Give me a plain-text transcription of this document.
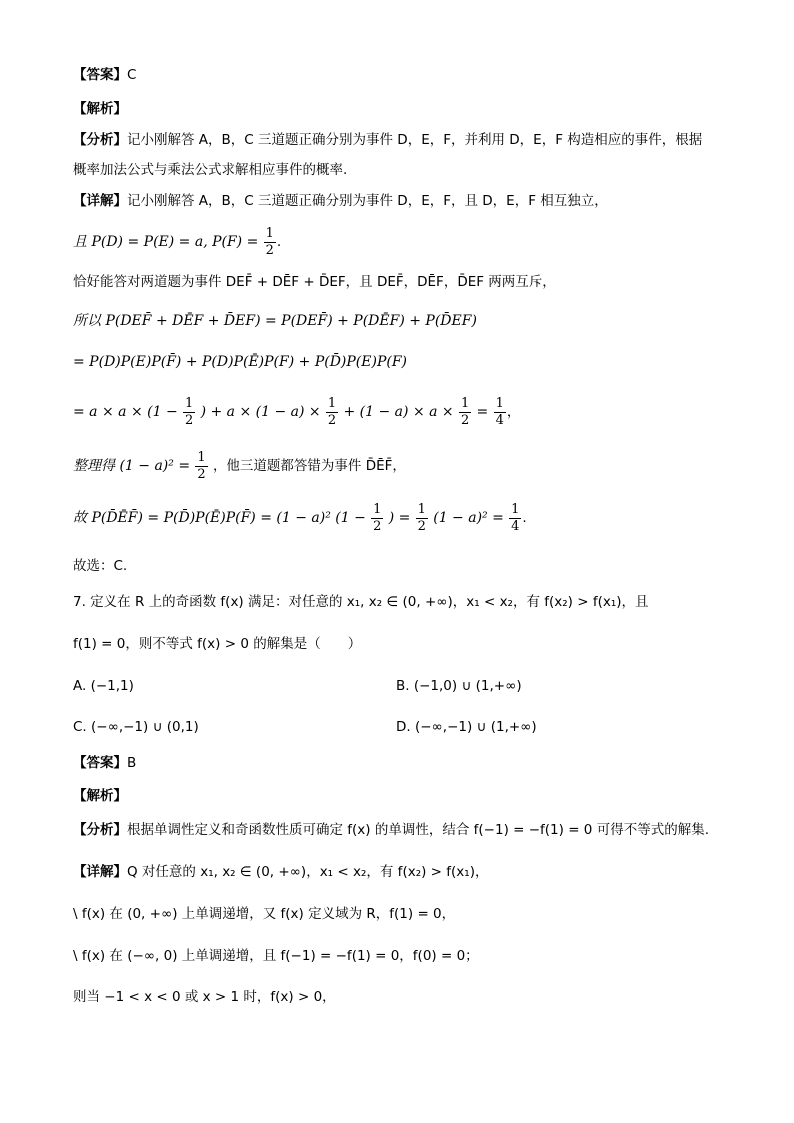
【答案】C
【解析】
【分析】记小刚解答 A，B，C 三道题正确分别为事件 D，E，F，并利用 D，E，F 构造相应的事件，根据
概率加法公式与乘法公式求解相应事件的概率.
【详解】记小刚解答 A，B，C 三道题正确分别为事件 D，E，F，且 D，E，F 相互独立，
且 P(D) = P(E) = a, $P(F) = \frac{1}{2}$ .
恰好能答对两道题为事件 DEF̄ + DĒF + D̄EF，且 DEF̄，DĒF，D̄EF 两两互斥，
所以 P(DEF̄ + DĒF + D̄EF) = P(DEF̄) + P(DĒF) + P(D̄EF)
= P(D)P(E)P(F̄) + P(D)P(Ē)P(F) + P(D̄)P(E)P(F)
= $a \times a \times (1 - \frac{1}{2}$ ) + $a \times (1 - a) \times \frac{1}{2} + (1 - a) \times a \times \frac{1}{2} = \frac{1}{4}$ ，
整理得 $(1 - a)^2 = \frac{1}{2}$ ，他三道题都答错为事件 D̄ĒF̄，
故 P(D̄ĒF̄) = P(D̄)P(Ē)P(F̄) = (1 − a)² ($1 - \frac{1}{2}$ ) = $\frac{1}{2} (1 - a)^2 = \frac{1}{4}$ .
故选：C.
7. 定义在 R 上的奇函数 f(x) 满足：对任意的 x₁, x₂ ∈ (0, +∞)，x₁ < x₂，有 f(x₂) > f(x₁)，且
f(1) = 0，则不等式 f(x) > 0 的解集是（　　）
A. (−1,1)	B. (−1,0) ∪ (1,+∞)
C. (−∞,−1) ∪ (0,1)	D. (−∞,−1) ∪ (1,+∞)
【答案】B
【解析】
【分析】根据单调性定义和奇函数性质可确定 f(x) 的单调性，结合 f(−1) = −f(1) = 0 可得不等式的解集.
【详解】Q 对任意的 x₁, x₂ ∈ (0, +∞)，x₁ < x₂，有 f(x₂) > f(x₁)，
\ f(x) 在 (0, +∞) 上单调递增，又 f(x) 定义域为 R，f(1) = 0，
\ f(x) 在 (−∞, 0) 上单调递增，且 f(−1) = −f(1) = 0，f(0) = 0；
则当 −1 < x < 0 或 x > 1 时，f(x) > 0，
